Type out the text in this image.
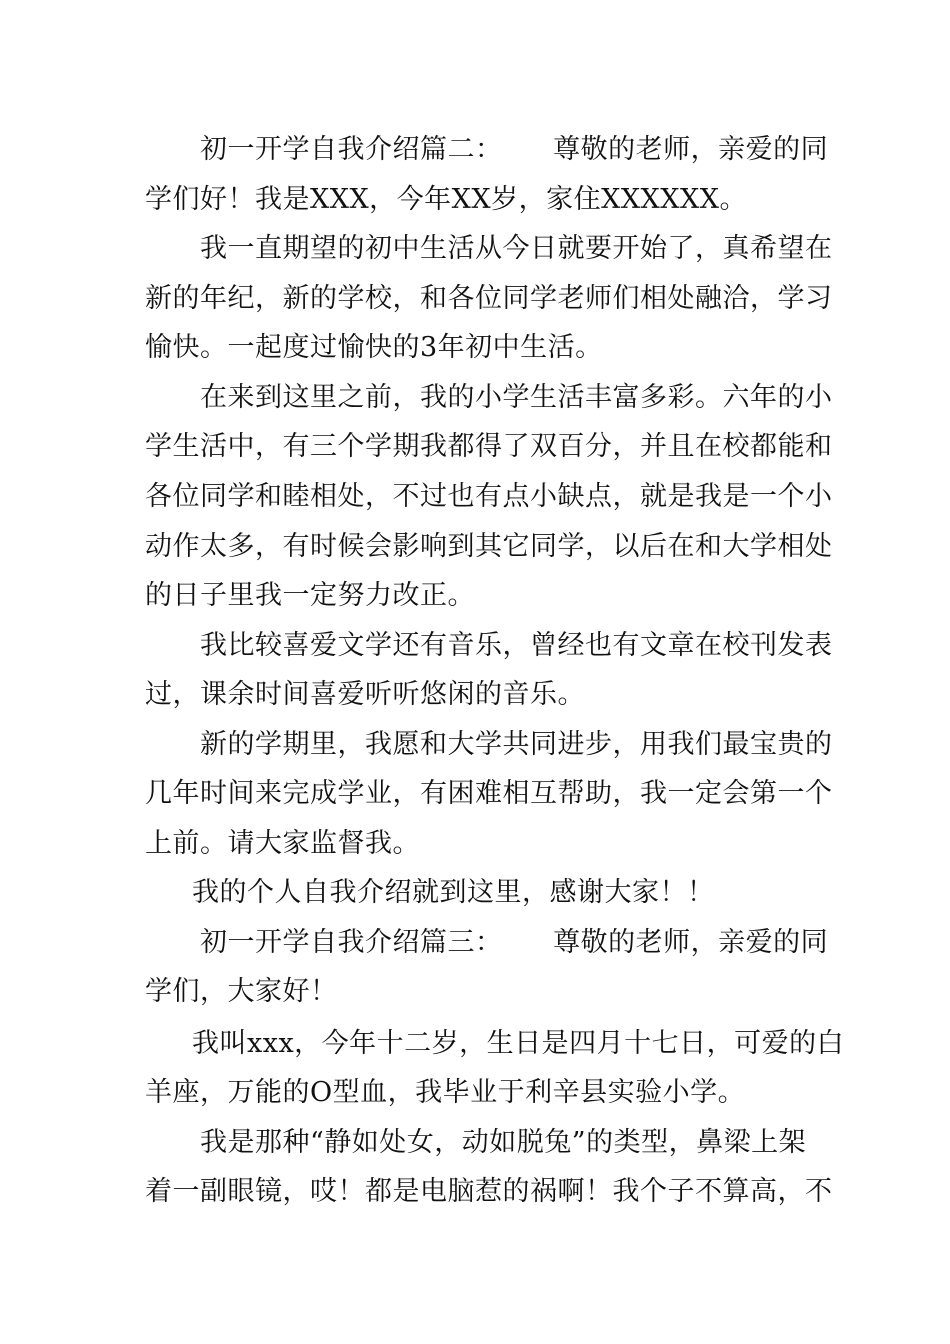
初一开学自我介绍篇二：　　 尊敬的老师，亲爱的同
学们好！我是XXX，今年XX岁，家住XXXXXX。
我一直期望的初中生活从今日就要开始了，真希望在
新的年纪，新的学校，和各位同学老师们相处融洽，学习
愉快。一起度过愉快的3年初中生活。
在来到这里之前，我的小学生活丰富多彩。六年的小
学生活中，有三个学期我都得了双百分，并且在校都能和
各位同学和睦相处，不过也有点小缺点，就是我是一个小
动作太多，有时候会影响到其它同学，以后在和大学相处
的日子里我一定努力改正。
我比较喜爱文学还有音乐，曾经也有文章在校刊发表
过，课余时间喜爱听听悠闲的音乐。
新的学期里，我愿和大学共同进步，用我们最宝贵的
几年时间来完成学业，有困难相互帮助，我一定会第一个
上前。请大家监督我。
我的个人自我介绍就到这里，感谢大家！！
初一开学自我介绍篇三：　　 尊敬的老师，亲爱的同
学们，大家好！
我叫xxx，今年十二岁，生日是四月十七日，可爱的白
羊座，万能的O型血，我毕业于利辛县实验小学。
我是那种“静如处女，动如脱兔”的类型，鼻梁上架
着一副眼镜，哎！都是电脑惹的祸啊！我个子不算高，不
